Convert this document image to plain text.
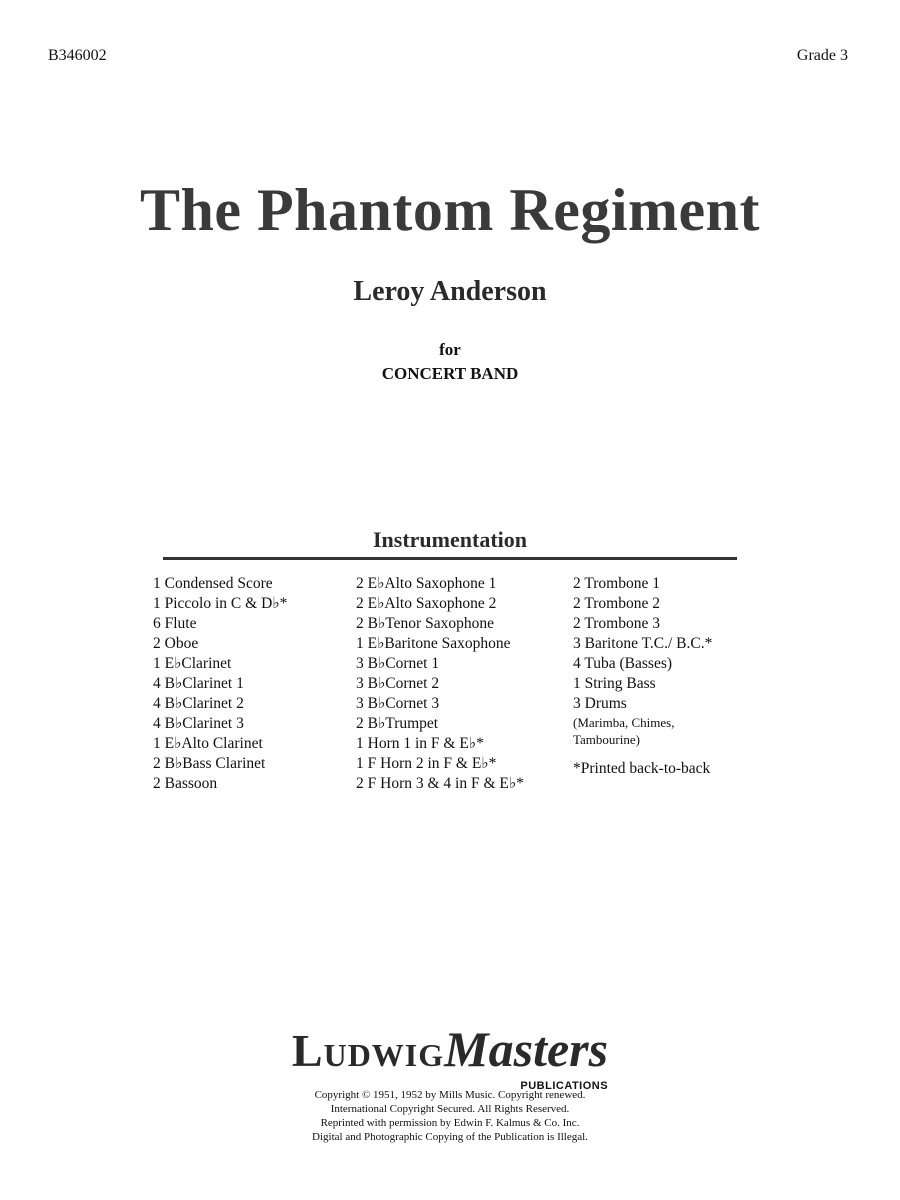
B346002	Grade 3
The Phantom Regiment
Leroy Anderson
for
CONCERT BAND
Instrumentation
1 Condensed Score
1 Piccolo in C & D♭*
6 Flute
2 Oboe
1 E♭Clarinet
4 B♭Clarinet 1
4 B♭Clarinet 2
4 B♭Clarinet 3
1 E♭Alto Clarinet
2 B♭Bass Clarinet
2 Bassoon
2 E♭Alto Saxophone 1
2 E♭Alto Saxophone 2
2 B♭Tenor Saxophone
1 E♭Baritone Saxophone
3 B♭Cornet 1
3 B♭Cornet 2
3 B♭Cornet 3
2 B♭Trumpet
1 Horn 1 in F & E♭*
1 F Horn 2 in F & E♭*
2 F Horn 3 & 4 in F & E♭*
2 Trombone 1
2 Trombone 2
2 Trombone 3
3 Baritone T.C./ B.C.*
4 Tuba (Basses)
1 String Bass
3 Drums
(Marimba, Chimes,
Tambourine)
*Printed back-to-back
LudwigMasters
PUBLICATIONS
Copyright © 1951, 1952 by Mills Music. Copyright renewed.
International Copyright Secured. All Rights Reserved.
Reprinted with permission by Edwin F. Kalmus & Co. Inc.
Digital and Photographic Copying of the Publication is Illegal.
